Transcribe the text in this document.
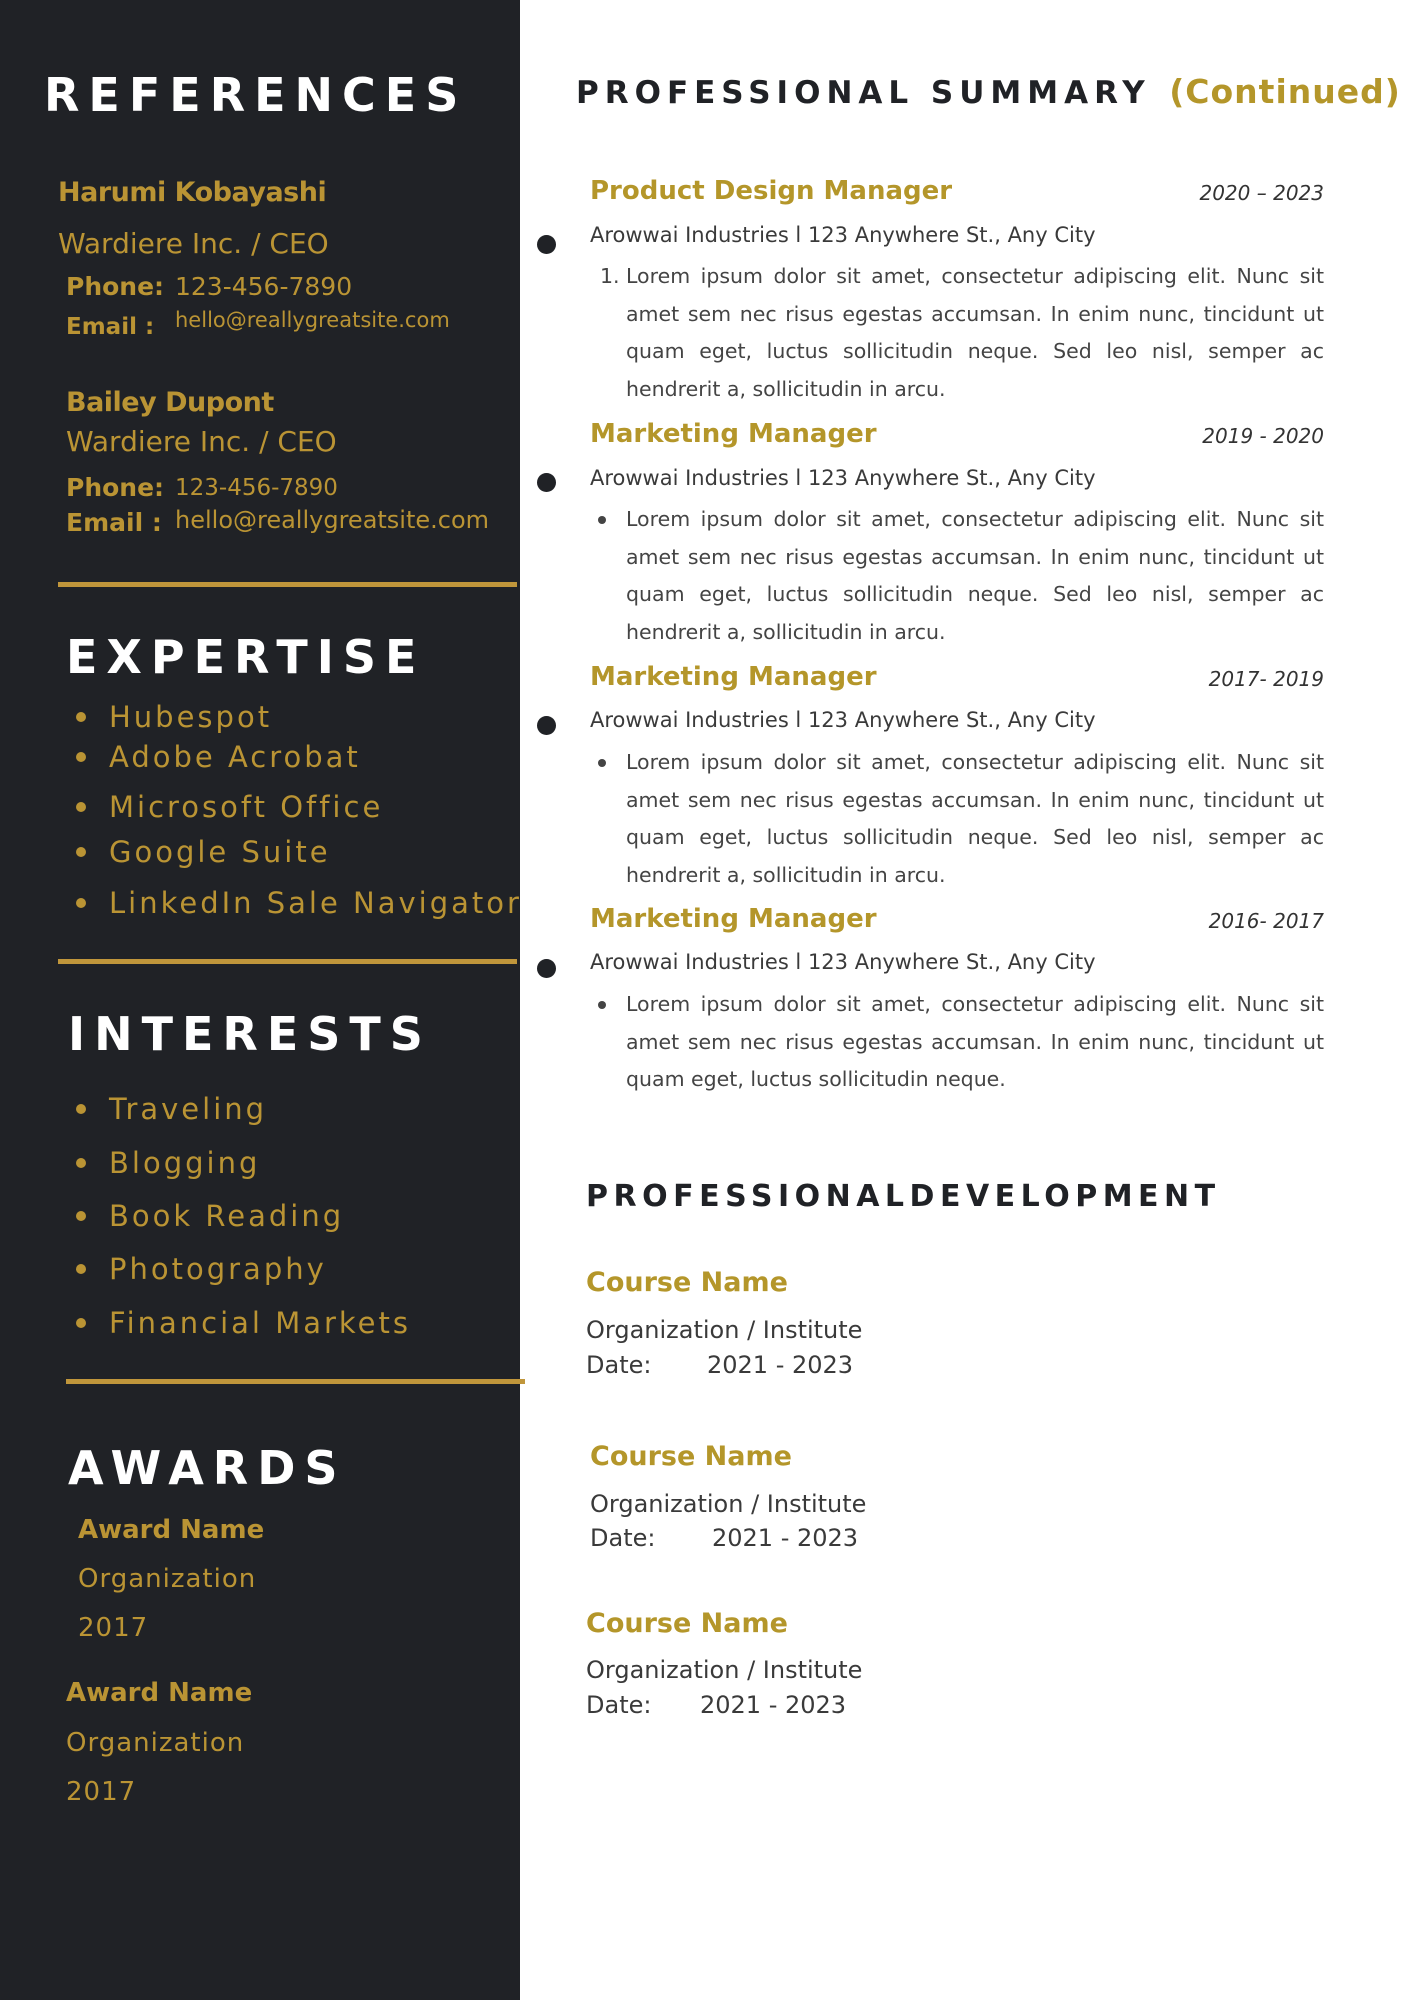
REFERENCES
Harumi Kobayashi
Wardiere Inc. / CEO
Phone: 123-456-7890
Email : hello@reallygreatsite.com
Bailey Dupont
Wardiere Inc. / CEO
Phone: 123-456-7890
Email : hello@reallygreatsite.com
EXPERTISE
Hubespot
Adobe Acrobat
Microsoft Office
Google Suite
LinkedIn Sale Navigator
INTERESTS
Traveling
Blogging
Book Reading
Photography
Financial Markets
AWARDS
Award Name
Organization
2017
Award Name
Organization
2017
PROFESSIONAL SUMMARY (Continued)
Product Design Manager	2020 – 2023
Arowwai Industries l 123 Anywhere St., Any City
1. Lorem ipsum dolor sit amet, consectetur adipiscing elit. Nunc sit amet sem nec risus egestas accumsan. In enim nunc, tincidunt ut quam eget, luctus sollicitudin neque. Sed leo nisl, semper ac hendrerit a, sollicitudin in arcu.
Marketing Manager	2019 - 2020
Arowwai Industries l 123 Anywhere St., Any City
Lorem ipsum dolor sit amet, consectetur adipiscing elit. Nunc sit amet sem nec risus egestas accumsan. In enim nunc, tincidunt ut quam eget, luctus sollicitudin neque. Sed leo nisl, semper ac hendrerit a, sollicitudin in arcu.
Marketing Manager	2017- 2019
Arowwai Industries l 123 Anywhere St., Any City
Lorem ipsum dolor sit amet, consectetur adipiscing elit. Nunc sit amet sem nec risus egestas accumsan. In enim nunc, tincidunt ut quam eget, luctus sollicitudin neque. Sed leo nisl, semper ac hendrerit a, sollicitudin in arcu.
Marketing Manager	2016- 2017
Arowwai Industries l 123 Anywhere St., Any City
Lorem ipsum dolor sit amet, consectetur adipiscing elit. Nunc sit amet sem nec risus egestas accumsan. In enim nunc, tincidunt ut quam eget, luctus sollicitudin neque.
PROFESSIONALDEVELOPMENT
Course Name
Organization / Institute
Date: 2021 - 2023
Course Name
Organization / Institute
Date: 2021 - 2023
Course Name
Organization / Institute
Date: 2021 - 2023
